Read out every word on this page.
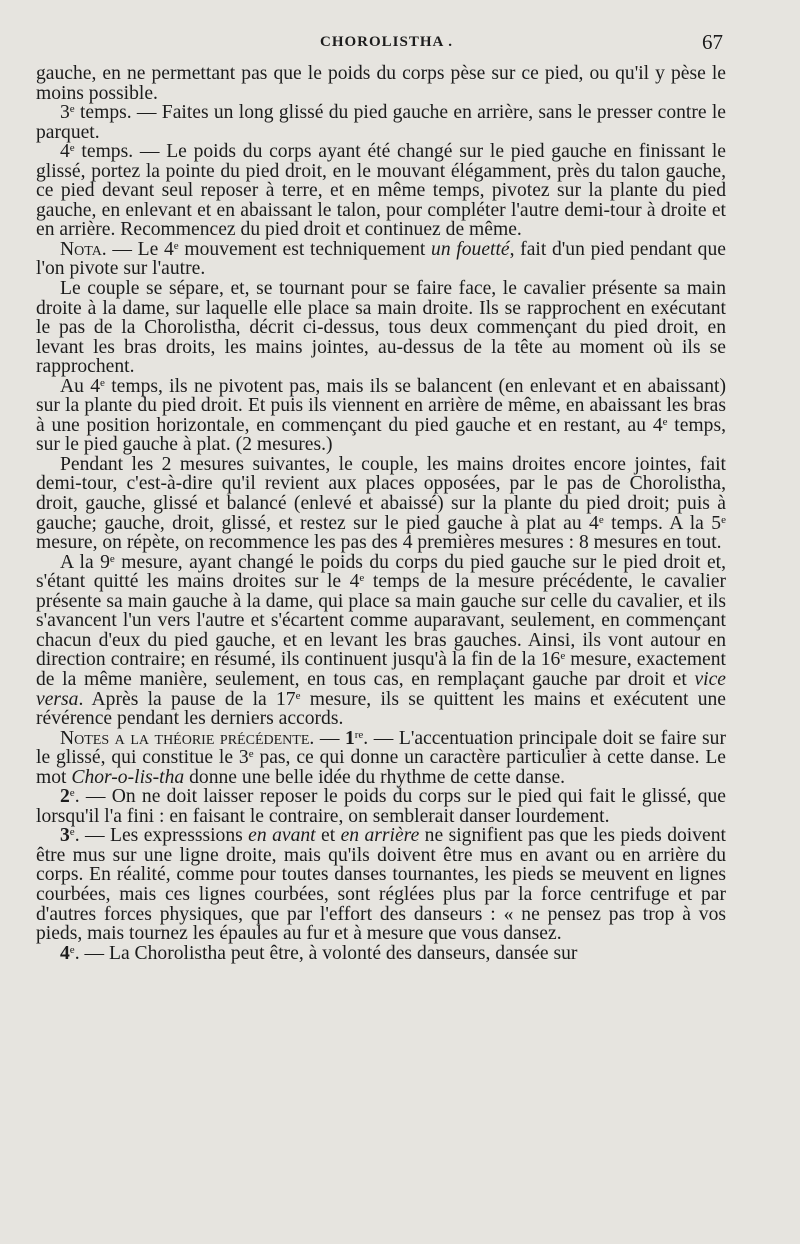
CHOROLISTHA .	67

gauche, en ne permettant pas que le poids du corps pèse sur ce pied, ou qu'il y pèse le moins possible.

3e temps. — Faites un long glissé du pied gauche en arrière, sans le presser contre le parquet.

4e temps. — Le poids du corps ayant été changé sur le pied gauche en finissant le glissé, portez la pointe du pied droit, en le mouvant élégamment, près du talon gauche, ce pied devant seul reposer à terre, et en même temps, pivotez sur la plante du pied gauche, en enlevant et en abaissant le talon, pour compléter l'autre demi-tour à droite et en arrière. Recommencez du pied droit et continuez de même.

Nota. — Le 4e mouvement est techniquement un fouetté, fait d'un pied pendant que l'on pivote sur l'autre.

Le couple se sépare, et, se tournant pour se faire face, le cavalier présente sa main droite à la dame, sur laquelle elle place sa main droite. Ils se rapprochent en exécutant le pas de la Chorolistha, décrit ci-dessus, tous deux commençant du pied droit, en levant les bras droits, les mains jointes, au-dessus de la tête au moment où ils se rapprochent.

Au 4e temps, ils ne pivotent pas, mais ils se balancent (en enlevant et en abaissant) sur la plante du pied droit. Et puis ils viennent en arrière de même, en abaissant les bras à une position horizontale, en commençant du pied gauche et en restant, au 4e temps, sur le pied gauche à plat. (2 mesures.)

Pendant les 2 mesures suivantes, le couple, les mains droites encore jointes, fait demi-tour, c'est-à-dire qu'il revient aux places opposées, par le pas de Chorolistha, droit, gauche, glissé et balancé (enlevé et abaissé) sur la plante du pied droit; puis à gauche; gauche, droit, glissé, et restez sur le pied gauche à plat au 4e temps. A la 5e mesure, on répète, on recommence les pas des 4 premières mesures : 8 mesures en tout.

A la 9e mesure, ayant changé le poids du corps du pied gauche sur le pied droit et, s'étant quitté les mains droites sur le 4e temps de la mesure précédente, le cavalier présente sa main gauche à la dame, qui place sa main gauche sur celle du cavalier, et ils s'avancent l'un vers l'autre et s'écartent comme auparavant, seulement, en commençant chacun d'eux du pied gauche, et en levant les bras gauches. Ainsi, ils vont autour en direction contraire; en résumé, ils continuent jusqu'à la fin de la 16e mesure, exactement de la même manière, seulement, en tous cas, en remplaçant gauche par droit et vice versa. Après la pause de la 17e mesure, ils se quittent les mains et exécutent une révérence pendant les derniers accords.

Notes a la théorie précédente. — 1re. — L'accentuation principale doit se faire sur le glissé, qui constitue le 3e pas, ce qui donne un caractère particulier à cette danse. Le mot Chor-o-lis-tha donne une belle idée du rhythme de cette danse.

2e. — On ne doit laisser reposer le poids du corps sur le pied qui fait le glissé, que lorsqu'il l'a fini : en faisant le contraire, on semblerait danser lourdement.

3e. — Les expresssions en avant et en arrière ne signifient pas que les pieds doivent être mus sur une ligne droite, mais qu'ils doivent être mus en avant ou en arrière du corps. En réalité, comme pour toutes danses tournantes, les pieds se meuvent en lignes courbées, mais ces lignes courbées, sont réglées plus par la force centrifuge et par d'autres forces physiques, que par l'effort des danseurs : « ne pensez pas trop à vos pieds, mais tournez les épaules au fur et à mesure que vous dansez.

4e. — La Chorolistha peut être, à volonté des danseurs, dansée sur
